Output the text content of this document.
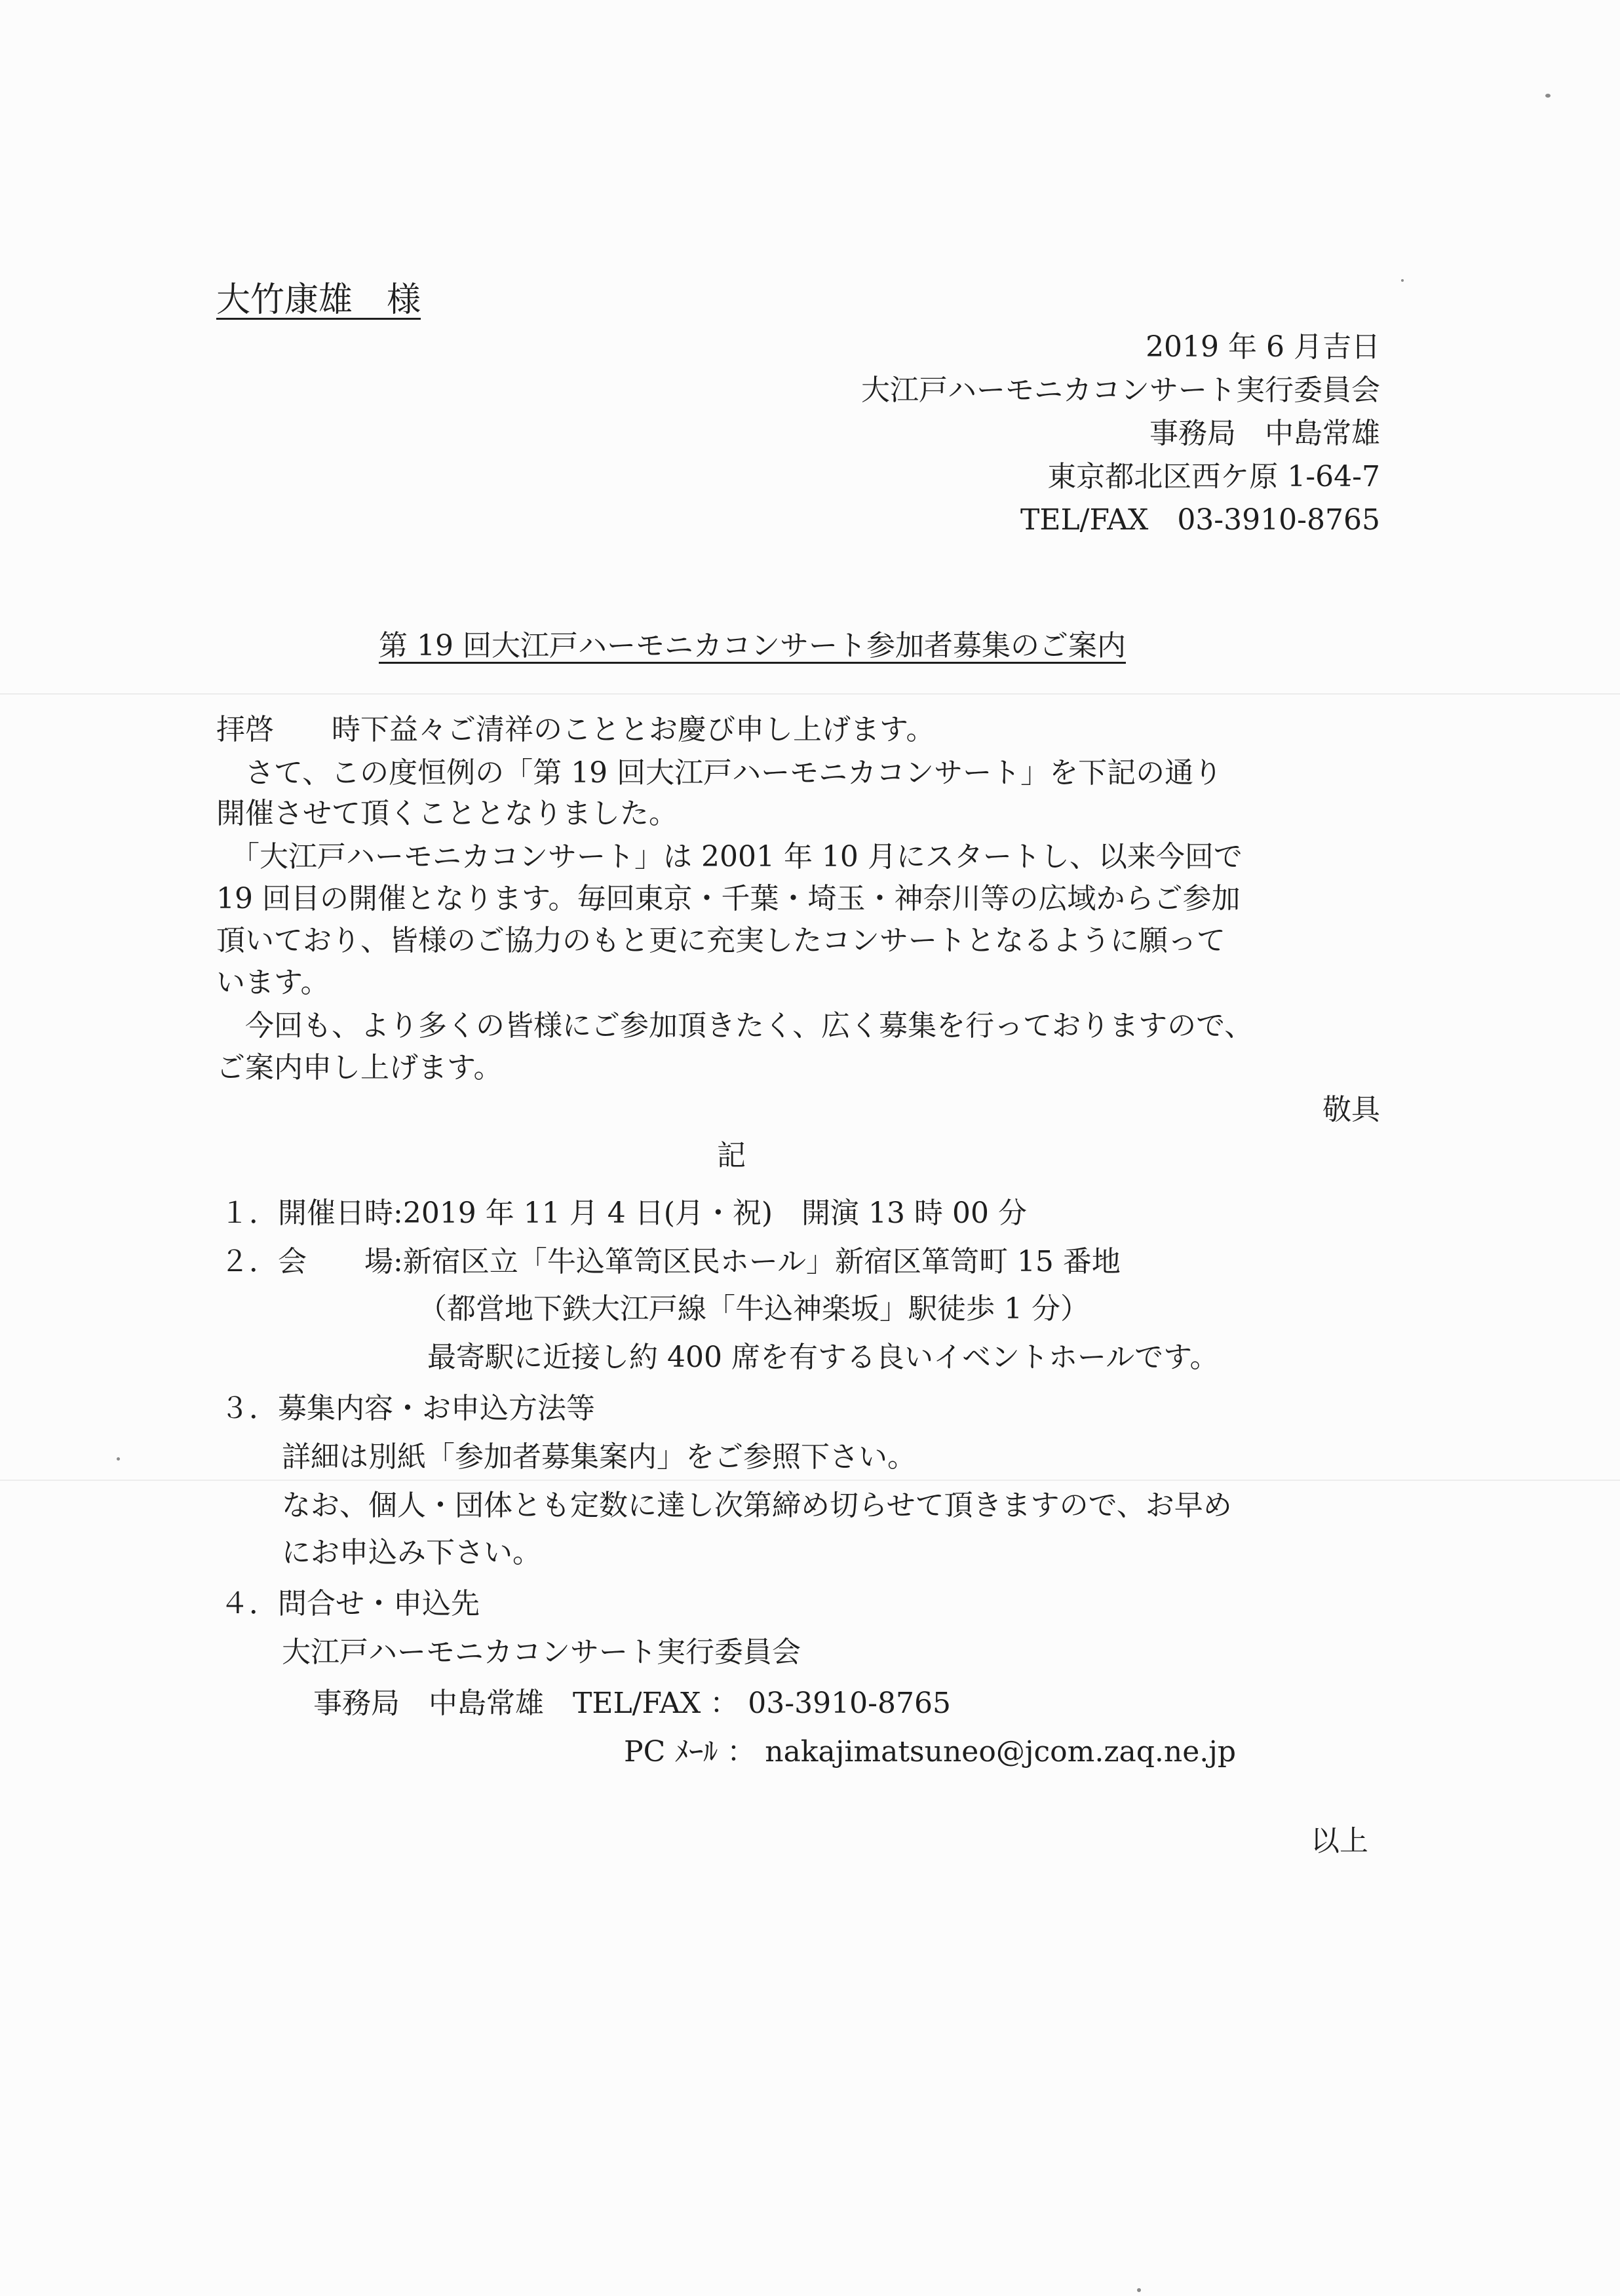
大竹康雄　様
2019 年 6 月吉日
大江戸ハーモニカコンサート実行委員会
事務局　中島常雄
東京都北区西ケ原 1-64-7
TEL/FAX　03-3910-8765
第 19 回大江戸ハーモニカコンサート参加者募集のご案内
拝啓　　時下益々ご清祥のこととお慶び申し上げます。
　さて、この度恒例の「第 19 回大江戸ハーモニカコンサート」を下記の通り
開催させて頂くこととなりました。
　「大江戸ハーモニカコンサート」は 2001 年 10 月にスタートし、以来今回で
19 回目の開催となります。毎回東京・千葉・埼玉・神奈川等の広域からご参加
頂いており、皆様のご協力のもと更に充実したコンサートとなるように願って
います。
　今回も、より多くの皆様にご参加頂きたく、広く募集を行っておりますので、
ご案内申し上げます。
敬具
記
１．開催日時:2019 年 11 月 4 日(月・祝)　開演 13 時 00 分
２．会　　場:新宿区立「牛込箪笥区民ホール」新宿区箪笥町 15 番地
（都営地下鉄大江戸線「牛込神楽坂」駅徒歩 1 分）
最寄駅に近接し約 400 席を有する良いイベントホールです。
３．募集内容・お申込方法等
詳細は別紙「参加者募集案内」をご参照下さい。
なお、個人・団体とも定数に達し次第締め切らせて頂きますので、お早め
にお申込み下さい。
４．問合せ・申込先
大江戸ハーモニカコンサート実行委員会
事務局　中島常雄　TEL/FAX ： 03-3910-8765
PC ﾒｰﾙ ： nakajimatsuneo@jcom.zaq.ne.jp
以上
